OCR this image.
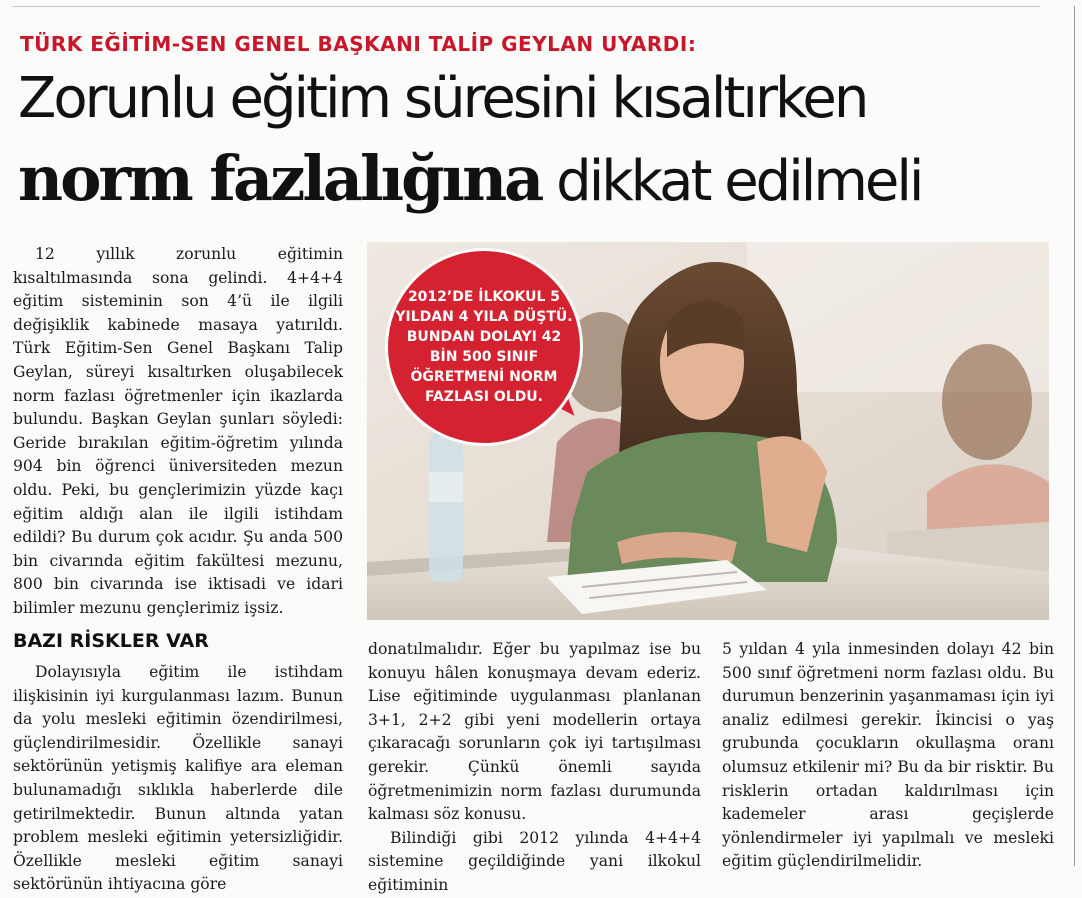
TÜRK EĞİTİM-SEN GENEL BAŞKANI TALİP GEYLAN UYARDI:
Zorunlu eğitim süresini kısaltırken
norm fazlalığına dikkat edilmeli

12 yıllık zorunlu eğitimin kısaltılmasında sona gelindi. 4+4+4 eğitim sisteminin son 4’ü ile ilgili değişiklik kabinede masaya yatırıldı. Türk Eğitim-Sen Genel Başkanı Talip Geylan, süreyi kısaltırken oluşabilecek norm fazlası öğretmenler için ikazlarda bulundu. Başkan Geylan şunları söyledi: Geride bırakılan eğitim-öğretim yılında 904 bin öğrenci üniversiteden mezun oldu. Peki, bu gençlerimizin yüzde kaçı eğitim aldığı alan ile ilgili istihdam edildi? Bu durum çok acıdır. Şu anda 500 bin civarında eğitim fakültesi mezunu, 800 bin civarında ise iktisadi ve idari bilimler mezunu gençlerimiz işsiz.

BAZI RİSKLER VAR

Dolayısıyla eğitim ile istihdam ilişkisinin iyi kurgulanması lazım. Bunun da yolu mesleki eğitimin özendirilmesi, güçlendirilmesidir. Özellikle sanayi sektörünün yetişmiş kalifiye ara eleman bulunamadığı sıklıkla haberlerde dile getirilmektedir. Bunun altında yatan problem mesleki eğitimin yetersizliğidir. Özellikle mesleki eğitim sanayi sektörünün ihtiyacına göre

donatılmalıdır. Eğer bu yapılmaz ise bu konuyu hâlen konuşmaya devam ederiz. Lise eğitiminde uygulanması planlanan 3+1, 2+2 gibi yeni modellerin ortaya çıkaracağı sorunların çok iyi tartışılması gerekir. Çünkü önemli sayıda öğretmenimizin norm fazlası durumunda kalması söz konusu.

Bilindiği gibi 2012 yılında 4+4+4 sistemine geçildiğinde yani ilkokul eğitiminin

5 yıldan 4 yıla inmesinden dolayı 42 bin 500 sınıf öğretmeni norm fazlası oldu. Bu durumun benzerinin yaşanmaması için iyi analiz edilmesi gerekir. İkincisi o yaş grubunda çocukların okullaşma oranı olumsuz etkilenir mi? Bu da bir risktir. Bu risklerin ortadan kaldırılması için kademeler arası geçişlerde yönlendirmeler iyi yapılmalı ve mesleki eğitim güçlendirilmelidir.

2012’DE İLKOKUL 5 YILDAN 4 YILA DÜŞTÜ. BUNDAN DOLAYI 42 BİN 500 SINIF ÖĞRETMENİ NORM FAZLASI OLDU.
